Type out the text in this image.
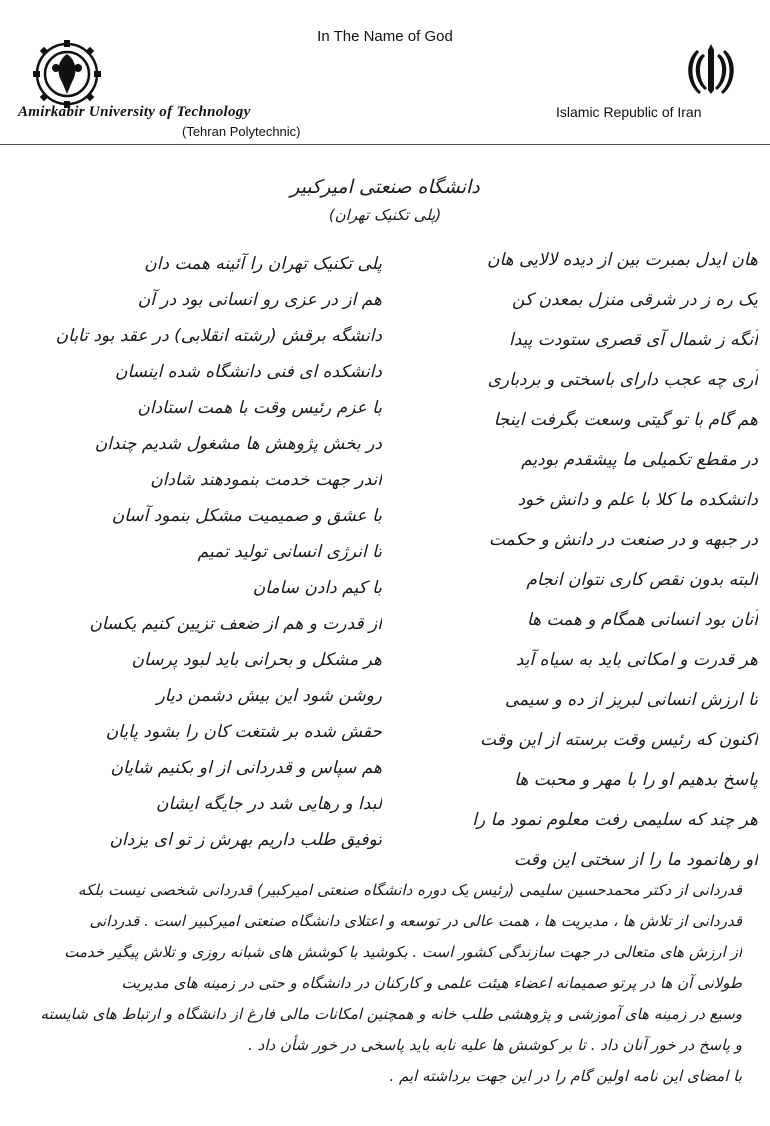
In The Name of God
Amirkabir University of Technology
(Tehran Polytechnic)
Islamic Republic of Iran
دانشگاه صنعتی امیرکبیر
(پلی تکنیک تهران)
هان ایدل بمبرت بین از دیده لالایی هان
یک ره ز در شرقی منزل بمعدن کن
آنگه ز شمال آی قصری ستودت پیدا
آری چه عجب دارای باسختی و بردباری
هم گام با تو گیتی وسعت بگرفت اینجا
در مقطع تکمیلی ما پیشقدم بودیم
دانشکده ما کلا با علم و دانش خود
در جبهه و در صنعت در دانش و حکمت
البته بدون نقص کاری نتوان انجام
آنان بود انسانی همگام و همت ها
هر قدرت و امکانی باید به سیاه آید
تا ارزش انسانی لبریز از ده و سیمی
اکنون که رئیس وقت برسته از این وقت
پاسخ بدهیم او را با مهر و محبت ها
هر چند که سلیمی رفت معلوم نمود ما را
او رهانمود ما را از سختی این وقت
پلی تکنیک تهران را آئینه همت دان
هم از در عزی رو انسانی بود در آن
دانشگه برقش (رشته انقلابی) در عقد بود تابان
دانشکده ای فنی دانشگاه شده اینسان
با عزم رئیس وقت با همت استادان
در بخش پژوهش ها مشغول شدیم چندان
اندر جهت خدمت بنمودهند شادان
با عشق و صمیمیت مشکل بنمود آسان
تا انرژی انسانی تولید تمیم
با کیم دادن سامان
از قدرت و هم از ضعف تزیین کنیم یکسان
هر مشکل و بحرانی باید لبود پرسان
روشن شود این بیش دشمن دیار
حقش شده بر شتغت کان را بشود پایان
هم سپاس و قدردانی از او بکنیم شایان
لبدا و رهایی شد در جایگه ایشان
توفیق طلب داریم بهرش ز تو ای یزدان
قدردانی از دکتر محمدحسین سلیمی (رئیس یک دوره دانشگاه صنعتی امیرکبیر) قدردانی شخصی نیست بلکه
قدردانی از تلاش ها ، مدیریت ها ، همت عالی در توسعه و اعتلای دانشگاه صنعتی امیرکبیر است . قدردانی
از ارزش های متعالی در جهت سازندگی کشور است . بکوشید با کوشش های شبانه روزی و تلاش پیگیر خدمت
طولانی آن ها در پرتو صمیمانه اعضاء هیئت علمی و کارکنان در دانشگاه و حتی در زمینه های مدیریت
وسیع در زمینه های آموزشی و پژوهشی طلب خانه و همچنین امکانات مالی فارغ از دانشگاه و ارتباط های شایسته
و پاسخ در خور آنان داد . تا بر کوشش ها علیه نابه باید پاسخی در خور شأن داد .
با امضای این نامه اولین گام را در این جهت برداشته ایم .
